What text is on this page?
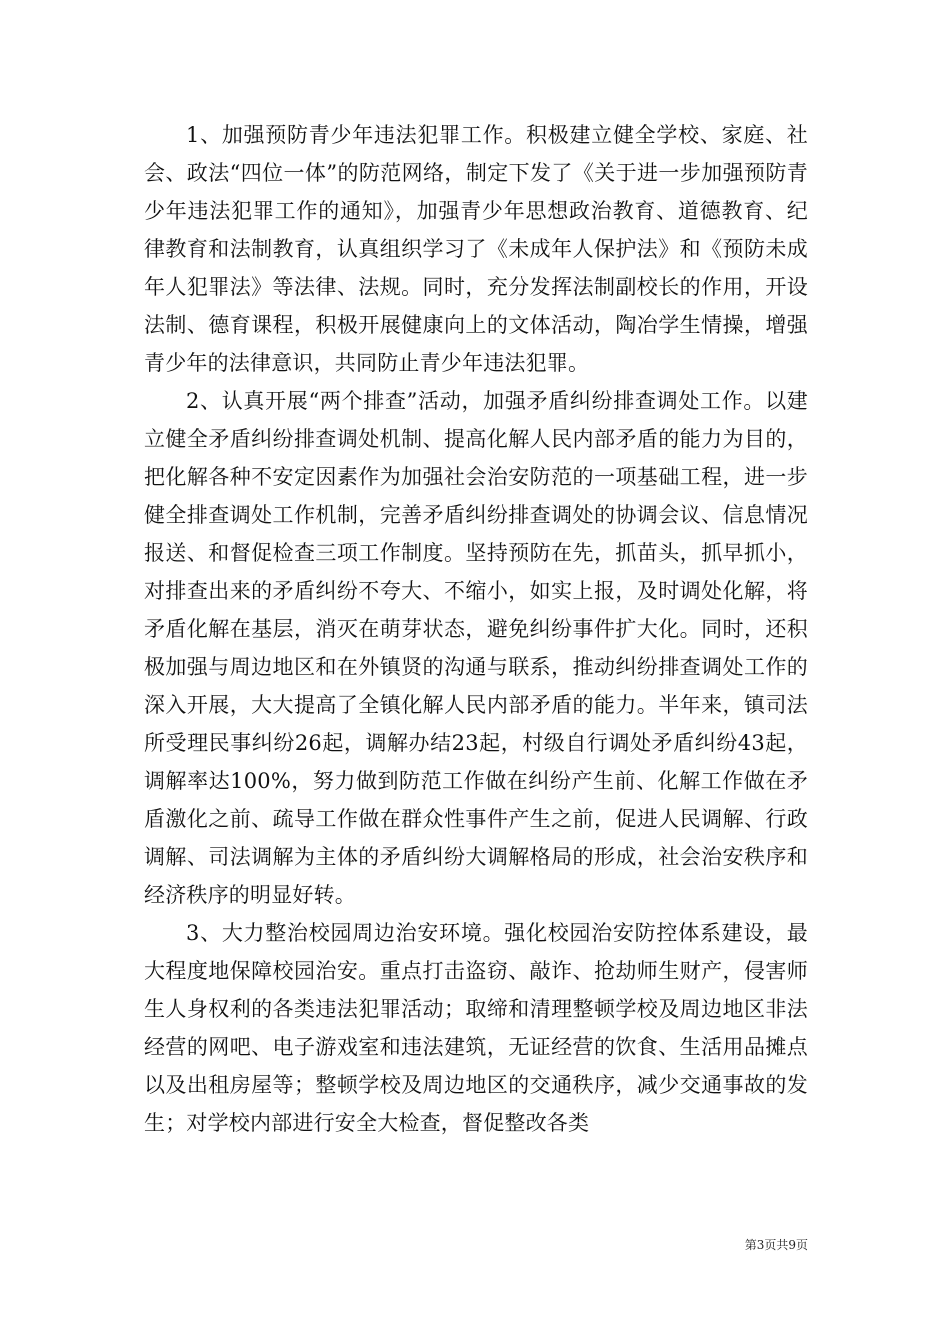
1、加强预防青少年违法犯罪工作。积极建立健全学校、家庭、社会、政法“四位一体”的防范网络，制定下发了《关于进一步加强预防青少年违法犯罪工作的通知》，加强青少年思想政治教育、道德教育、纪律教育和法制教育，认真组织学习了《未成年人保护法》和《预防未成年人犯罪法》等法律、法规。同时，充分发挥法制副校长的作用，开设法制、德育课程，积极开展健康向上的文体活动，陶冶学生情操，增强青少年的法律意识，共同防止青少年违法犯罪。

2、认真开展“两个排查”活动，加强矛盾纠纷排查调处工作。以建立健全矛盾纠纷排查调处机制、提高化解人民内部矛盾的能力为目的，把化解各种不安定因素作为加强社会治安防范的一项基础工程，进一步健全排查调处工作机制，完善矛盾纠纷排查调处的协调会议、信息情况报送、和督促检查三项工作制度。坚持预防在先，抓苗头，抓早抓小，对排查出来的矛盾纠纷不夸大、不缩小，如实上报，及时调处化解，将矛盾化解在基层，消灭在萌芽状态，避免纠纷事件扩大化。同时，还积极加强与周边地区和在外镇贤的沟通与联系，推动纠纷排查调处工作的深入开展，大大提高了全镇化解人民内部矛盾的能力。半年来，镇司法所受理民事纠纷26起，调解办结23起，村级自行调处矛盾纠纷43起，调解率达100%，努力做到防范工作做在纠纷产生前、化解工作做在矛盾激化之前、疏导工作做在群众性事件产生之前，促进人民调解、行政调解、司法调解为主体的矛盾纠纷大调解格局的形成，社会治安秩序和经济秩序的明显好转。

3、大力整治校园周边治安环境。强化校园治安防控体系建设，最大程度地保障校园治安。重点打击盗窃、敲诈、抢劫师生财产，侵害师生人身权利的各类违法犯罪活动；取缔和清理整顿学校及周边地区非法经营的网吧、电子游戏室和违法建筑，无证经营的饮食、生活用品摊点以及出租房屋等；整顿学校及周边地区的交通秩序，减少交通事故的发生；对学校内部进行安全大检查，督促整改各类

第3页共9页
